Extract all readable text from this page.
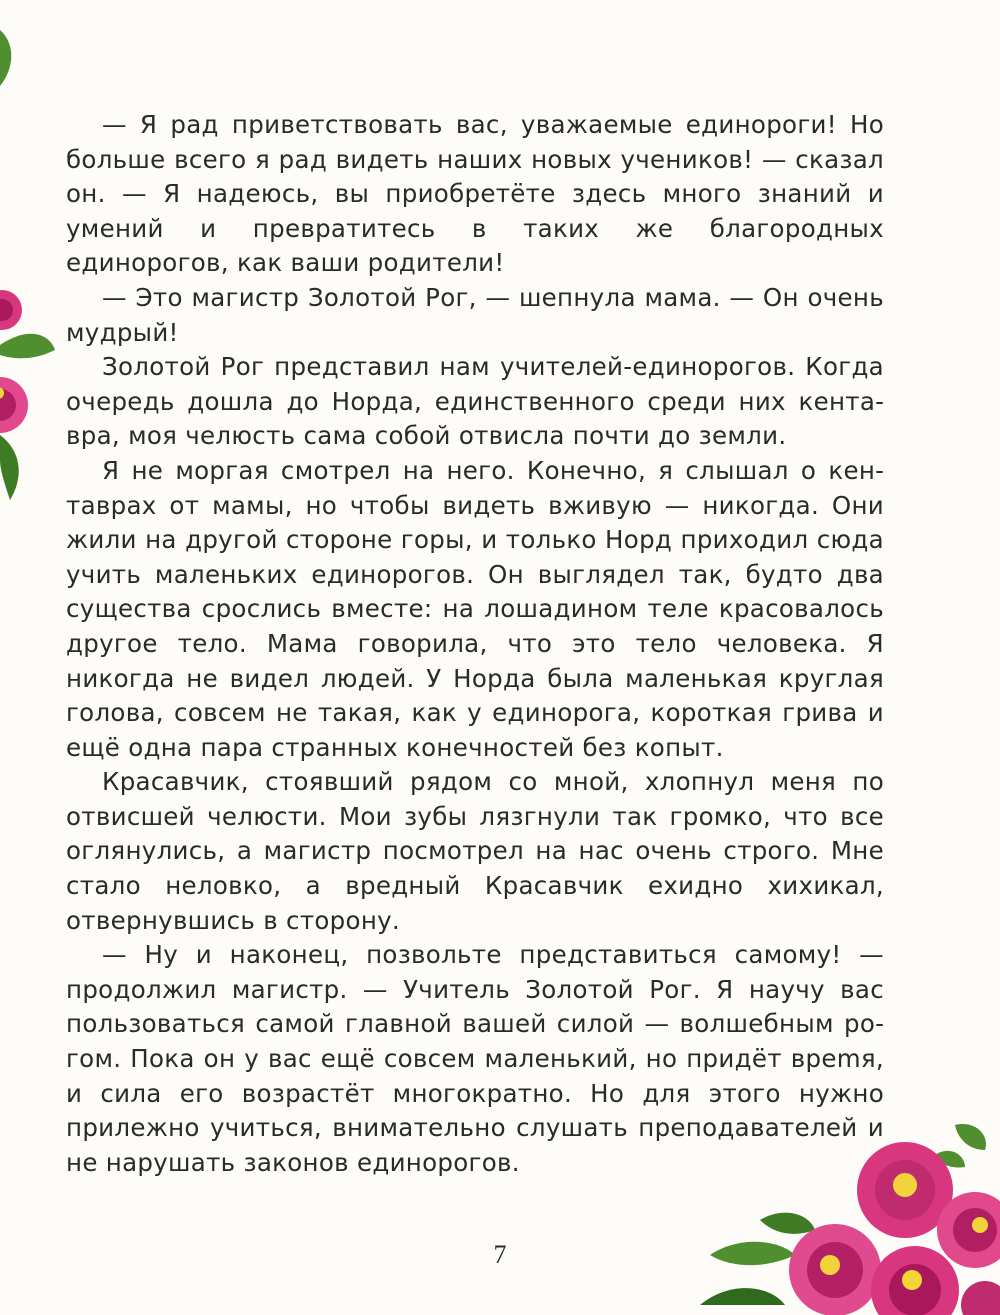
— Я рад приветствовать вас, уважаемые единороги! Но больше всего я рад видеть наших новых учеников! — сказал он. — Я надеюсь, вы приобретёте здесь много знаний и умений и превратитесь в таких же благородных единорогов, как ваши родители!

— Это магистр Золотой Рог, — шепнула мама. — Он очень мудрый!

Золотой Рог представил нам учителей-единорогов. Когда очередь дошла до Норда, единственного среди них кентавра, моя челюсть сама собой отвисла почти до земли.

Я не моргая смотрел на него. Конечно, я слышал о кентаврах от мамы, но чтобы видеть вживую — никогда. Они жили на другой стороне горы, и только Норд приходил сюда учить маленьких единорогов. Он выглядел так, будто два существа срослись вместе: на лошадином теле красовалось другое тело. Мама говорила, что это тело человека. Я никогда не видел людей. У Норда была маленькая круглая голова, совсем не такая, как у единорога, короткая грива и ещё одна пара странных конечностей без копыт.

Красавчик, стоявший рядом со мной, хлопнул меня по отвисшей челюсти. Мои зубы лязгнули так громко, что все оглянулись, а магистр посмотрел на нас очень строго. Мне стало неловко, а вредный Красавчик ехидно хихикал, отвернувшись в сторону.

— Ну и наконец, позвольте представиться самому! — продолжил магистр. — Учитель Золотой Рог. Я научу вас пользоваться самой главной вашей силой — волшебным рогом. Пока он у вас ещё совсем маленький, но придёт вреmя, и сила его возрастёт многократно. Но для этого нужно прилежно учиться, внимательно слушать преподавателей и не нарушать законов единорогов.

7
